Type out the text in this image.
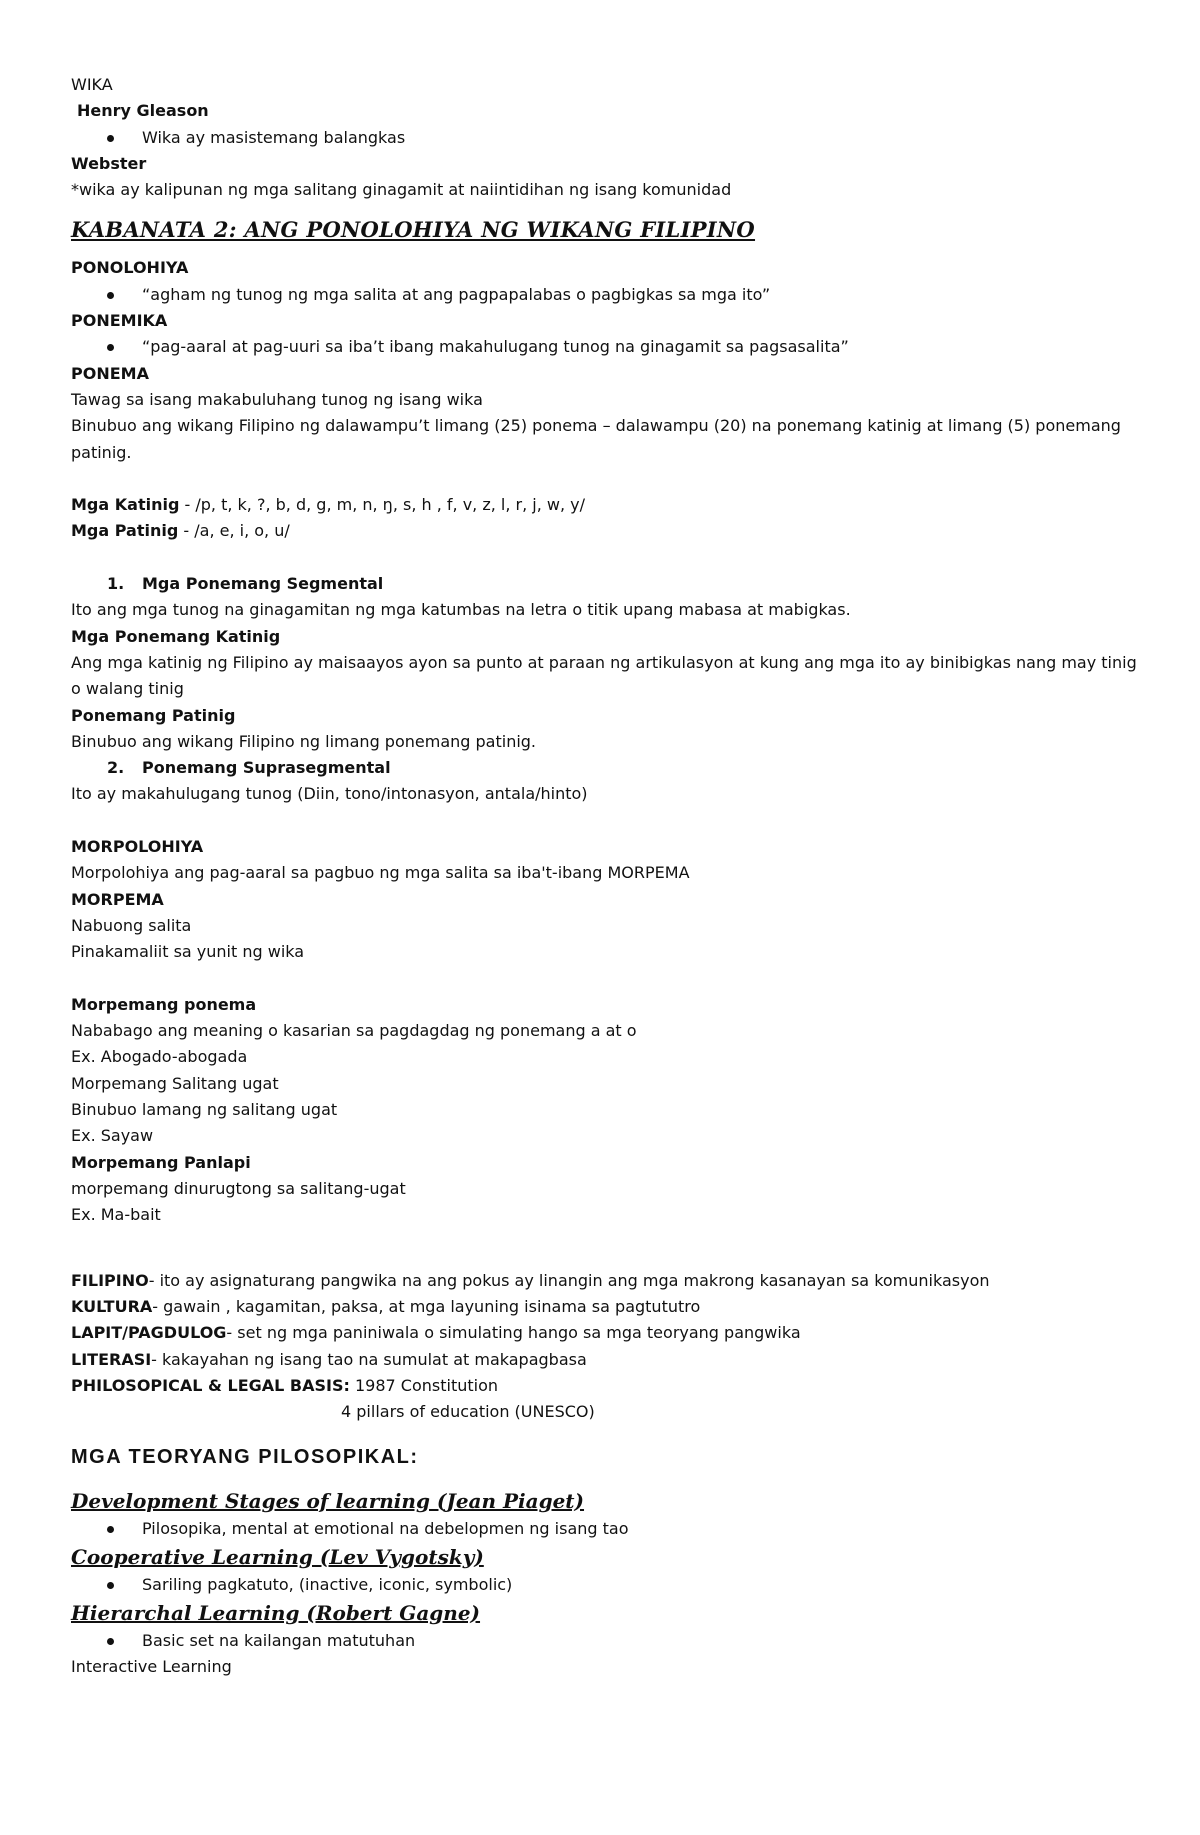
WIKA
Henry Gleason
Wika ay masistemang balangkas
Webster
*wika ay kalipunan ng mga salitang ginagamit at naiintidihan ng isang komunidad
KABANATA 2: ANG PONOLOHIYA NG WIKANG FILIPINO
PONOLOHIYA
“agham ng tunog ng mga salita at ang pagpapalabas o pagbigkas sa mga ito”
PONEMIKA
“pag-aaral at pag-uuri sa iba’t ibang makahulugang tunog na ginagamit sa pagsasalita”
PONEMA
Tawag sa isang makabuluhang tunog ng isang wika
Binubuo ang wikang Filipino ng dalawampu’t limang (25) ponema – dalawampu (20) na ponemang katinig at limang (5) ponemang patinig.
Mga Katinig - /p, t, k, ?, b, d, g, m, n, ŋ, s, h , f, v, z, l, r, j, w, y/
Mga Patinig - /a, e, i, o, u/
1. Mga Ponemang Segmental
Ito ang mga tunog na ginagamitan ng mga katumbas na letra o titik upang mabasa at mabigkas.
Mga Ponemang Katinig
Ang mga katinig ng Filipino ay maisaayos ayon sa punto at paraan ng artikulasyon at kung ang mga ito ay binibigkas nang may tinig o walang tinig
Ponemang Patinig
Binubuo ang wikang Filipino ng limang ponemang patinig.
2. Ponemang Suprasegmental
Ito ay makahulugang tunog (Diin, tono/intonasyon, antala/hinto)
MORPOLOHIYA
Morpolohiya ang pag-aaral sa pagbuo ng mga salita sa iba't-ibang MORPEMA
MORPEMA
Nabuong salita
Pinakamaliit sa yunit ng wika
Morpemang ponema
Nababago ang meaning o kasarian sa pagdagdag ng ponemang a at o
Ex. Abogado-abogada
Morpemang Salitang ugat
Binubuo lamang ng salitang ugat
Ex. Sayaw
Morpemang Panlapi
morpemang dinurugtong sa salitang-ugat
Ex. Ma-bait
FILIPINO- ito ay asignaturang pangwika na ang pokus ay linangin ang mga makrong kasanayan sa komunikasyon
KULTURA- gawain , kagamitan, paksa, at mga layuning isinama sa pagtututro
LAPIT/PAGDULOG- set ng mga paniniwala o simulating hango sa mga teoryang pangwika
LITERASI- kakayahan ng isang tao na sumulat at makapagbasa
PHILOSOPICAL & LEGAL BASIS: 1987 Constitution
4 pillars of education (UNESCO)
MGA TEORYANG PILOSOPIKAL:
Development Stages of learning (Jean Piaget)
Pilosopika, mental at emotional na debelopmen ng isang tao
Cooperative Learning (Lev Vygotsky)
Sariling pagkatuto, (inactive, iconic, symbolic)
Hierarchal Learning (Robert Gagne)
Basic set na kailangan matutuhan
Interactive Learning
